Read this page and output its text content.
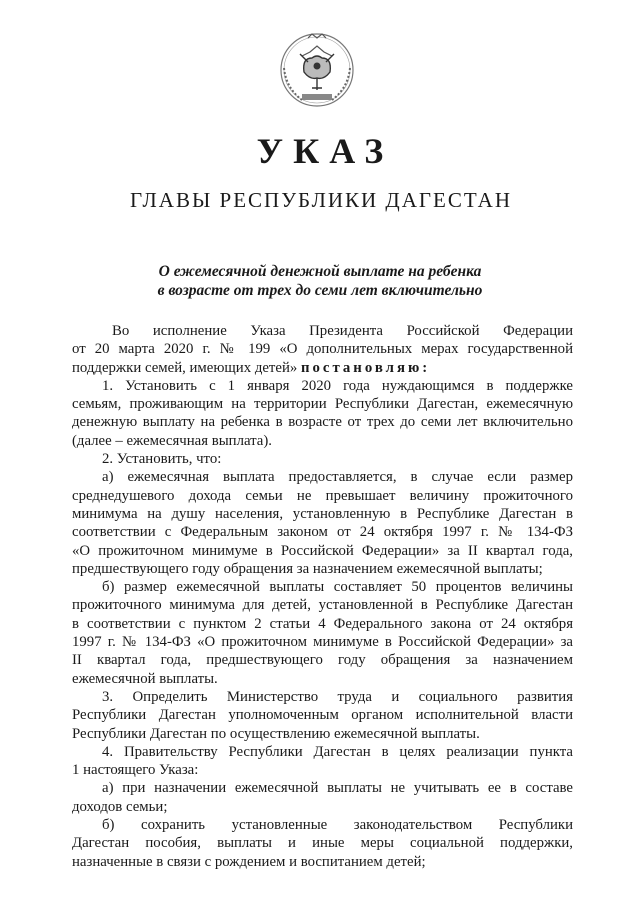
УКАЗ
ГЛАВЫ РЕСПУБЛИКИ ДАГЕСТАН
О ежемесячной денежной выплате на ребенка
в возрасте от трех до семи лет включительно
Во исполнение Указа Президента Российской Федерации
от 20 марта 2020 г. № 199 «О дополнительных мерах государственной
поддержки семей, имеющих детей» постановляю:
1. Установить с 1 января 2020 года нуждающимся в поддержке
семьям, проживающим на территории Республики Дагестан, ежемесячную
денежную выплату на ребенка в возрасте от трех до семи лет включительно
(далее – ежемесячная выплата).
2. Установить, что:
а) ежемесячная выплата предоставляется, в случае если размер
среднедушевого дохода семьи не превышает величину прожиточного
минимума на душу населения, установленную в Республике Дагестан в
соответствии с Федеральным законом от 24 октября 1997 г. № 134-ФЗ
«О прожиточном минимуме в Российской Федерации» за II квартал года,
предшествующего году обращения за назначением ежемесячной выплаты;
б) размер ежемесячной выплаты составляет 50 процентов величины
прожиточного минимума для детей, установленной в Республике Дагестан
в соответствии с пунктом 2 статьи 4 Федерального закона от 24 октября
1997 г. № 134-ФЗ «О прожиточном минимуме в Российской Федерации» за
II квартал года, предшествующего году обращения за назначением
ежемесячной выплаты.
3. Определить Министерство труда и социального развития
Республики Дагестан уполномоченным органом исполнительной власти
Республики Дагестан по осуществлению ежемесячной выплаты.
4. Правительству Республики Дагестан в целях реализации пункта
1 настоящего Указа:
а) при назначении ежемесячной выплаты не учитывать ее в составе
доходов семьи;
б) сохранить установленные законодательством Республики
Дагестан пособия, выплаты и иные меры социальной поддержки,
назначенные в связи с рождением и воспитанием детей;
